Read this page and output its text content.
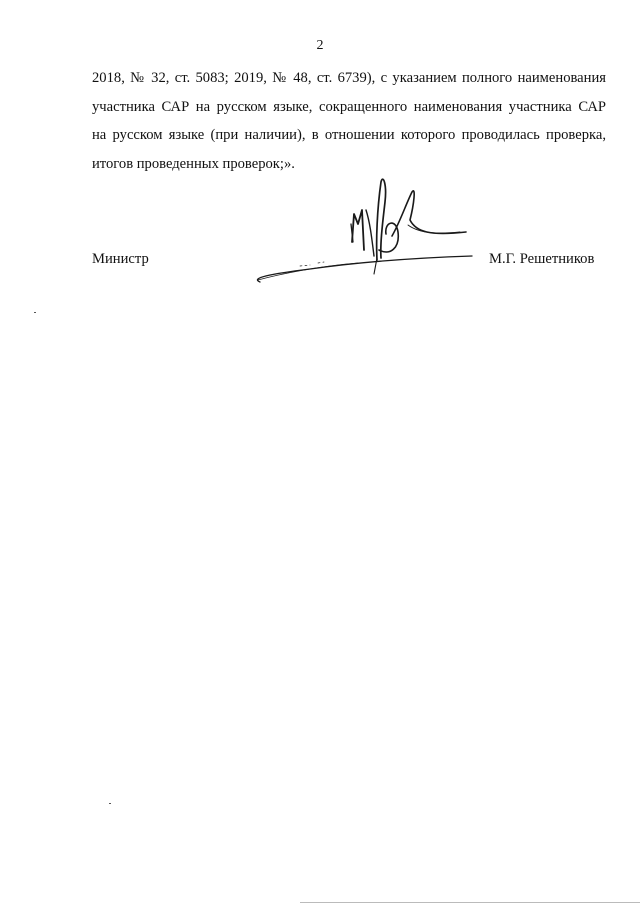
2
2018, № 32, ст. 5083; 2019, № 48, ст. 6739), с указанием полного наименования
участника САР на русском языке, сокращенного наименования участника САР
на русском языке (при наличии), в отношении которого проводилась проверка,
итогов проведенных проверок;».
Министр	М.Г. Решетников
